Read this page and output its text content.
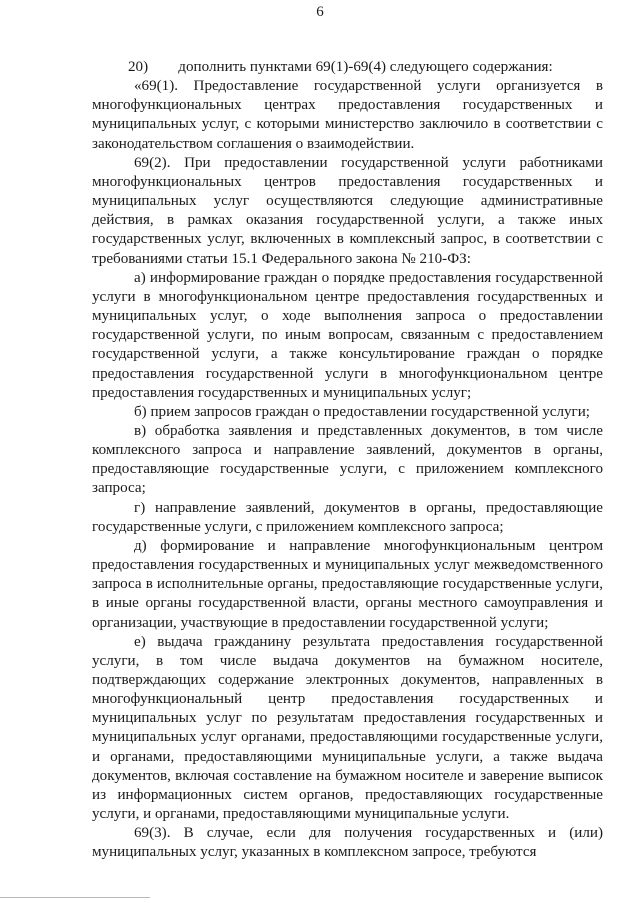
6

20)  дополнить пунктами 69(1)-69(4) следующего содержания:

«69(1). Предоставление государственной услуги организуется в многофункциональных центрах предоставления государственных и муниципальных услуг, с которыми министерство заключило в соответствии с законодательством соглашения о взаимодействии.

69(2). При предоставлении государственной услуги работниками многофункциональных центров предоставления государственных и муниципальных услуг осуществляются следующие административные действия, в рамках оказания государственной услуги, а также иных государственных услуг, включенных в комплексный запрос, в соответствии с требованиями статьи 15.1 Федерального закона № 210-ФЗ:

а) информирование граждан о порядке предоставления государственной услуги в многофункциональном центре предоставления государственных и муниципальных услуг, о ходе выполнения запроса о предоставлении государственной услуги, по иным вопросам, связанным с предоставлением государственной услуги, а также консультирование граждан о порядке предоставления государственной услуги в многофункциональном центре предоставления государственных и муниципальных услуг;

б) прием запросов граждан о предоставлении государственной услуги;

в) обработка заявления и представленных документов, в том числе комплексного запроса и направление заявлений, документов в органы, предоставляющие государственные услуги, с приложением комплексного запроса;

г) направление заявлений, документов в органы, предоставляющие государственные услуги, с приложением комплексного запроса;

д) формирование и направление многофункциональным центром предоставления государственных и муниципальных услуг межведомственного запроса в исполнительные органы, предоставляющие государственные услуги, в иные органы государственной власти, органы местного самоуправления и организации, участвующие в предоставлении государственной услуги;

е) выдача гражданину результата предоставления государственной услуги, в том числе выдача документов на бумажном носителе, подтверждающих содержание электронных документов, направленных в многофункциональный центр предоставления государственных и муниципальных услуг по результатам предоставления государственных и муниципальных услуг органами, предоставляющими государственные услуги, и органами, предоставляющими муниципальные услуги, а также выдача документов, включая составление на бумажном носителе и заверение выписок из информационных систем органов, предоставляющих государственные услуги, и органами, предоставляющими муниципальные услуги.

69(3). В случае, если для получения государственных и (или) муниципальных услуг, указанных в комплексном запросе, требуются
